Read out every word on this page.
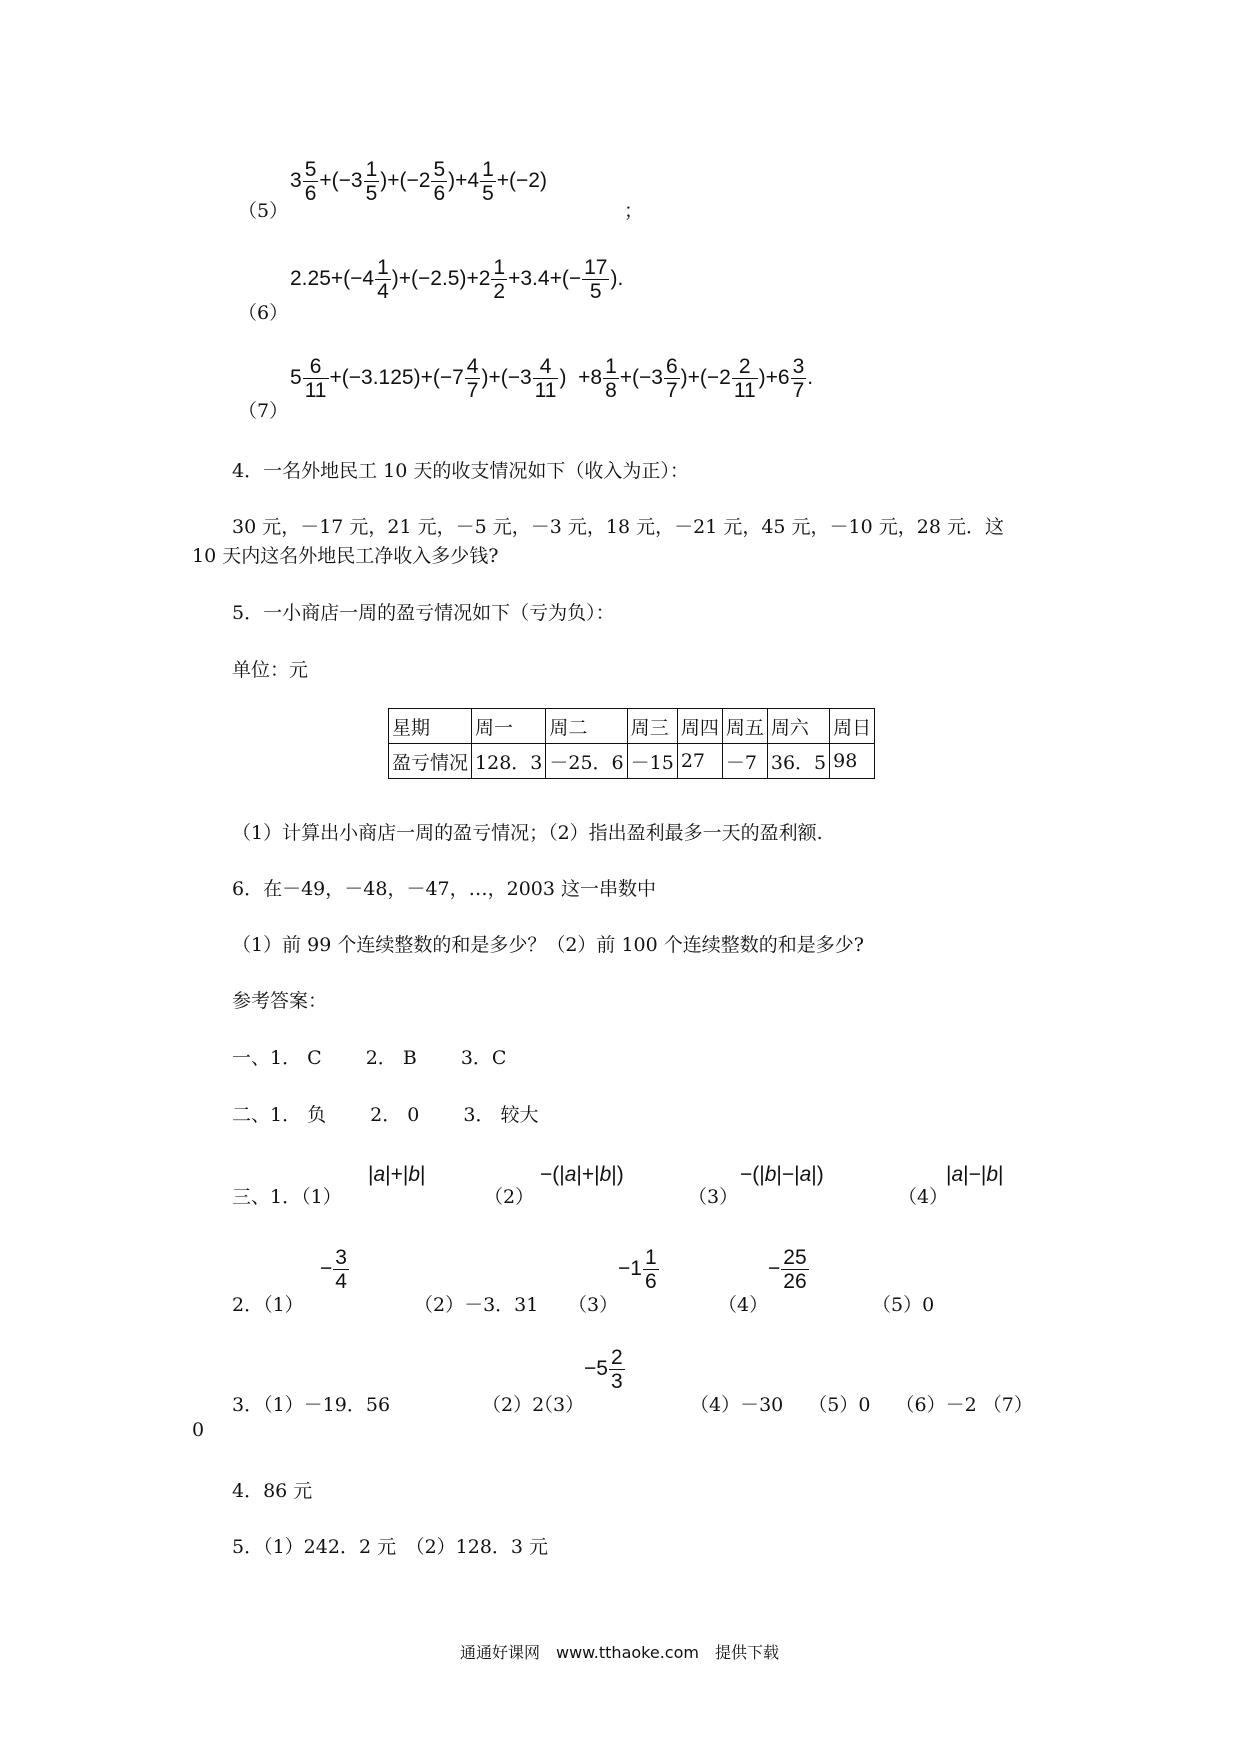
$3 \frac{5}{6} +(-3 \frac{1}{5} )+(-2 \frac{5}{6} )+4 \frac{1}{5} +(-2)$
（5）	；
$2.25+(-4 \frac{1}{4} )+(-2.5)+2 \frac{1}{2} +3.4+(- \frac{17}{5}$ ).
（6）
$5 \frac{6}{11} +(-3.125)+(-7 \frac{4}{7} )+(-3 \frac{4}{11}$ )  $+8 \frac{1}{8} +(-3 \frac{6}{7} )+(-2 \frac{2}{11} )+6 \frac{3}{7}$ .
（7）
4．一名外地民工 10 天的收支情况如下（收入为正）：
30 元，－17 元，21 元，－5 元，－3 元，18 元，－21 元，45 元，－10 元，28 元．这
10 天内这名外地民工净收入多少钱?
5．一小商店一周的盈亏情况如下（亏为负）：
单位：元
星期	周一	周二	周三	周四	周五	周六	周日
盈亏情况	128．3	－25．6	－15	27	－7	36．5	98
（1）计算出小商店一周的盈亏情况；（2）指出盈利最多一天的盈利额.
6．在－49，－48，－47，…，2003 这一串数中
（1）前 99 个连续整数的和是多少？（2）前 100 个连续整数的和是多少?
参考答案：
一、1． C　　 2． B　　 3．C
二、1． 负　　 2． 0　　 3． 较大
三、1．（1）
|a|+|b|
（2）
−(|a|+|b|)
（3）
−(|b|−|a|)
（4）
|a|−|b|
2．（1）
− $\frac{3}{4}$
（2）－3．31 （3）
$-1 \frac{1}{6}$
（4）
− $\frac{25}{26}$
（5）0
3．（1）－19．56	（2）2
（3）
$-5 \frac{2}{3}$
（4）－30　 （5）0　 （6）－2 （7）
0
4．86 元
5．（1）242．2 元　（2）128．3 元
通通好课网　www.tthaoke.com　提供下载
